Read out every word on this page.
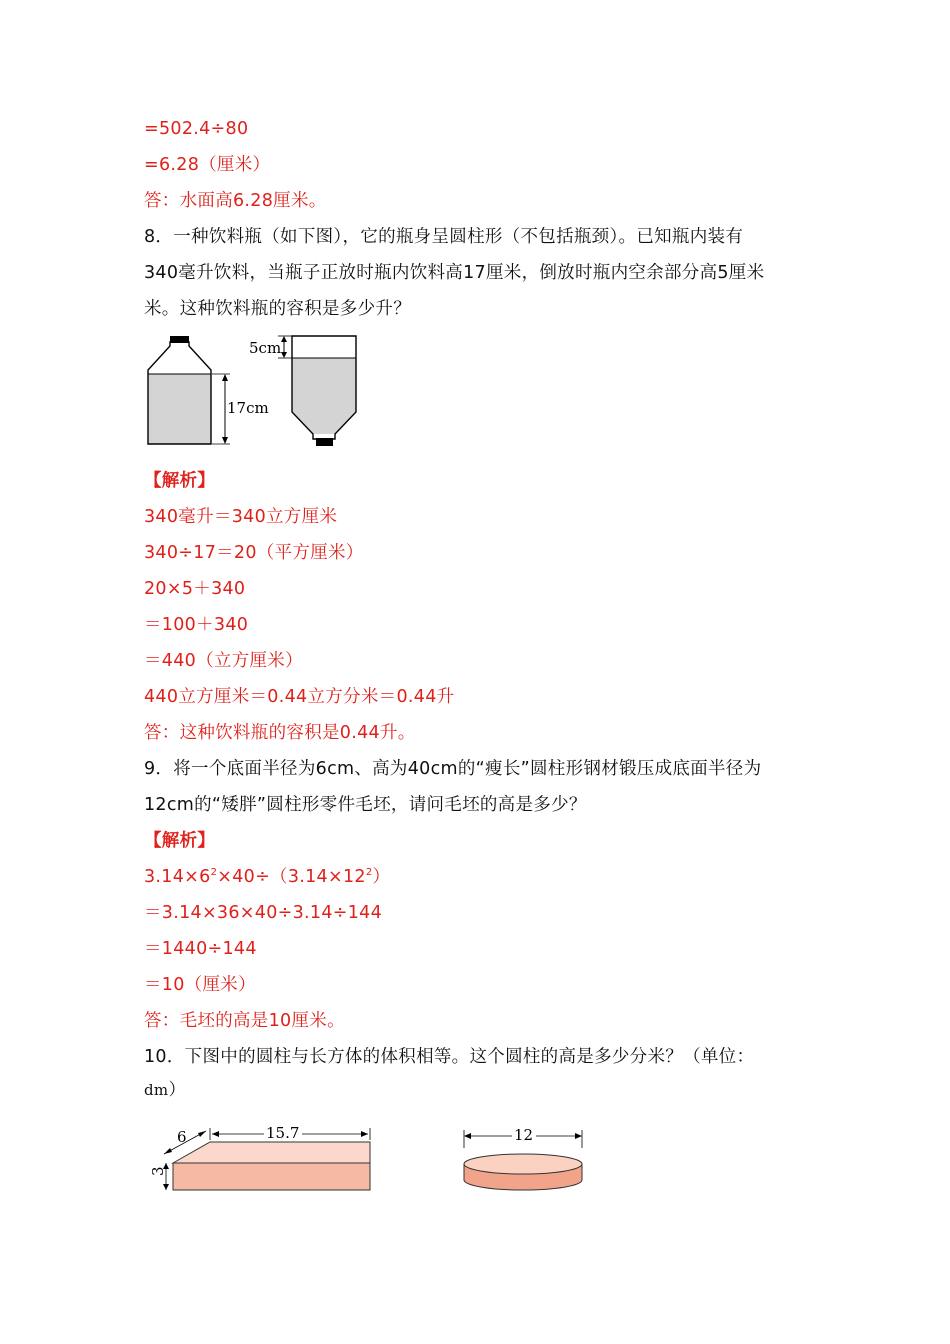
=502.4÷80
=6.28（厘米）
答：水面高6.28厘米。
8．一种饮料瓶（如下图），它的瓶身呈圆柱形（不包括瓶颈）。已知瓶内装有
340毫升饮料，当瓶子正放时瓶内饮料高17厘米，倒放时瓶内空余部分高5厘米
米。这种饮料瓶的容积是多少升？
17cm
5cm
【解析】
340毫升＝340立方厘米
340÷17＝20（平方厘米）
20×5＋340
＝100＋340
＝440（立方厘米）
440立方厘米＝0.44立方分米＝0.44升
答：这种饮料瓶的容积是0.44升。
9．将一个底面半径为6cm、高为40cm的“瘦长”圆柱形钢材锻压成底面半径为
12cm的“矮胖”圆柱形零件毛坯，请问毛坯的高是多少？
【解析】
$3.14\times 6^2\times 40\div(3.14\times 12^2)$
＝3.14×36×40÷3.14÷144
＝1440÷144
＝10（厘米）
答：毛坯的高是10厘米。
10．下图中的圆柱与长方体的体积相等。这个圆柱的高是多少分米？（单位：
dm）
6	15.7
3
12
